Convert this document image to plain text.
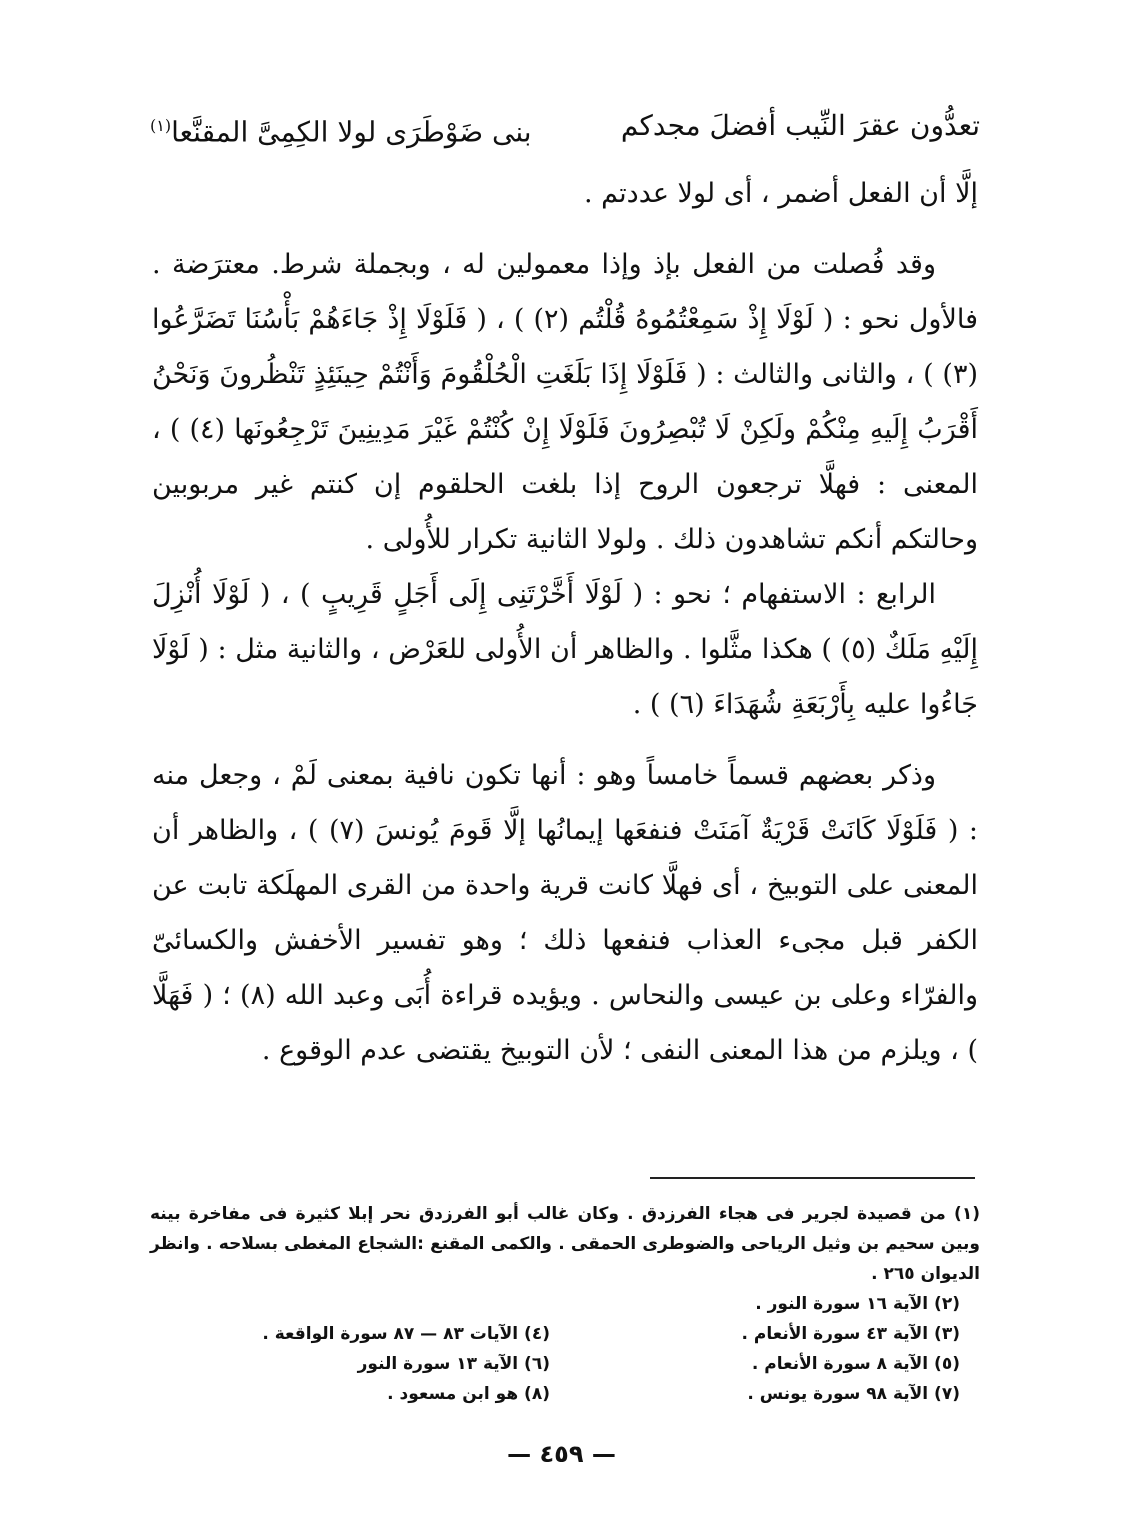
تعدُّون عقرَ النِّيب أفضلَ مجدكم
بنى ضَوْطَرَى لولا الكِمِىَّ المقنَّعا$^{(١)}$

إلَّا أن الفعل أضمر ، أى لولا عددتم .

وقد فُصلت من الفعل بإذ وإذا معمولين له ، وبجملة شرط. معترَضة . فالأول نحو : ( لَوْلَا إِذْ سَمِعْتُمُوهُ قُلْتُم (٢) ) ، ( فَلَوْلَا إِذْ جَاءَهُمْ بَأْسُنَا تَضَرَّعُوا (٣) ) ، والثانى والثالث : ( فَلَوْلَا إِذَا بَلَغَتِ الْحُلْقُومَ وَأَنْتُمْ حِينَئِذٍ تَنْظُرونَ وَنَحْنُ أَقْرَبُ إِلَيهِ مِنْكُمْ ولَكِنْ لَا تُبْصِرُونَ فَلَوْلَا إِنْ كُنْتُمْ غَيْرَ مَدِينِينَ تَرْجِعُونَها (٤) ) ، المعنى : فهلَّا ترجعون الروح إذا بلغت الحلقوم إن كنتم غير مربوبين وحالتكم أنكم تشاهدون ذلك . ولولا الثانية تكرار للأُولى .

الرابع : الاستفهام ؛ نحو : ( لَوْلَا أَخَّرْتَنِى إِلَى أَجَلٍ قَرِيبٍ ) ، ( لَوْلَا أُنْزِلَ إِلَيْهِ مَلَكٌ (٥) ) هكذا مثَّلوا . والظاهر أن الأُولى للعَرْض ، والثانية مثل : ( لَوْلَا جَاءُوا عليه بِأَرْبَعَةِ شُهَدَاءَ (٦) ) .

وذكر بعضهم قسماً خامساً وهو : أنها تكون نافية بمعنى لَمْ ، وجعل منه : ( فَلَوْلَا كَانَتْ قَرْيَةٌ آمَنَتْ فنفعَها إيمانُها إلَّا قَومَ يُونسَ (٧) ) ، والظاهر أن المعنى على التوبيخ ، أى فهلَّا كانت قرية واحدة من القرى المهلَكة تابت عن الكفر قبل مجىء العذاب فنفعها ذلك ؛ وهو تفسير الأخفش والكسائىّ والفرّاء وعلى بن عيسى والنحاس . ويؤيده قراءة أُبَى وعبد الله (٨) ؛ ( فَهَلَّا ) ، ويلزم من هذا المعنى النفى ؛ لأن التوبيخ يقتضى عدم الوقوع .

(١) من قصيدة لجرير فى هجاء الفرزدق . وكان غالب أبو الفرزدق نحر إبلا كثيرة فى مفاخرة بينه وبين سحيم بن وثيل الرياحى والضوطرى الحمقى . والكمى المقنع :الشجاع المغطى بسلاحه . وانظر الديوان ٢٦٥ .

(٢) الآية ١٦ سورة النور .
(٣) الآية ٤٣ سورة الأنعام .
(٤) الآيات ٨٣ — ٨٧ سورة الواقعة .
(٥) الآية ٨ سورة الأنعام .
(٦) الآية ١٣ سورة النور
(٧) الآية ٩٨ سورة يونس .
(٨) هو ابن مسعود .
— ٤٥٩ —
